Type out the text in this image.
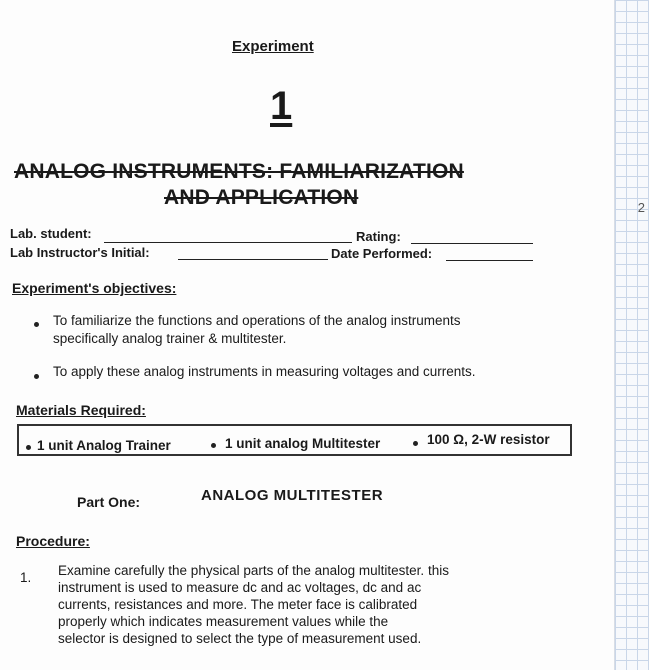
2
Experiment
1
ANALOG INSTRUMENTS: FAMILIARIZATION
AND APPLICATION
Lab. student:	Rating:
Lab Instructor's Initial:	Date Performed:
Experiment's objectives:
To familiarize the functions and operations of the analog instruments
specifically analog trainer & multitester.
To apply these analog instruments in measuring voltages and currents.
Materials Required:
1 unit Analog Trainer	1 unit analog Multitester	100 Ω, 2-W resistor
Part One:	ANALOG MULTITESTER
Procedure:
1. Examine carefully the physical parts of the analog multitester. this
instrument is used to measure dc and ac voltages, dc and ac
currents, resistances and more. The meter face is calibrated
properly which indicates measurement values while the
selector is designed to select the type of measurement used.
